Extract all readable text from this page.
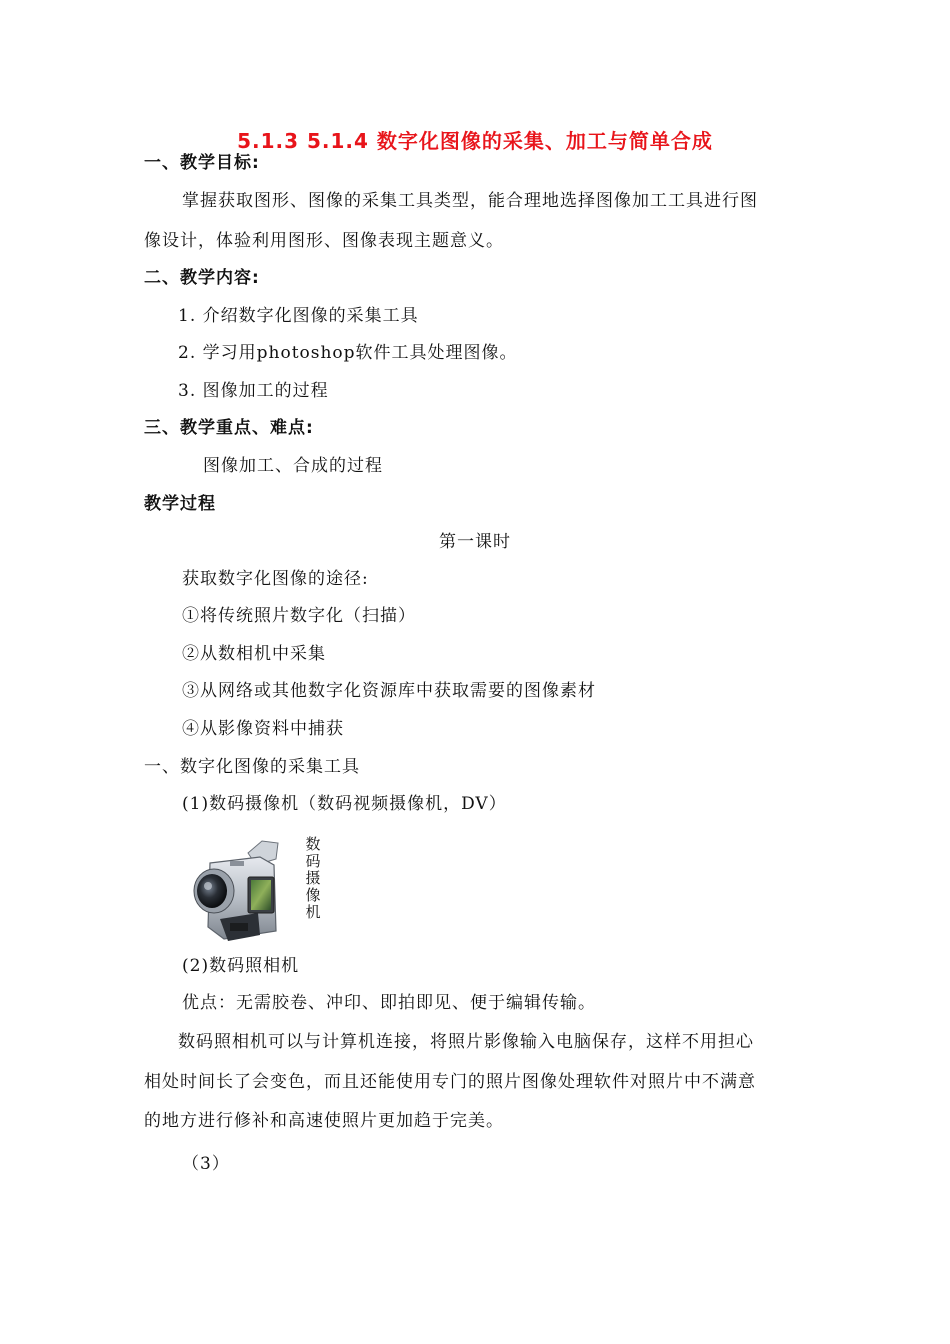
5.1.3 5.1.4 数字化图像的采集、加工与简单合成
一、教学目标:
掌握获取图形、图像的采集工具类型，能合理地选择图像加工工具进行图
像设计，体验利用图形、图像表现主题意义。
二、教学内容:
1. 介绍数字化图像的采集工具
2. 学习用photoshop软件工具处理图像。
3. 图像加工的过程
三、教学重点、难点:
图像加工、合成的过程
教学过程
第一课时
获取数字化图像的途径:
①将传统照片数字化（扫描）
②从数相机中采集
③从网络或其他数字化资源库中获取需要的图像素材
④从影像资料中捕获
一、数字化图像的采集工具
(1)数码摄像机（数码视频摄像机，DV）
数
码
摄
像
机
(2)数码照相机
优点：无需胶卷、冲印、即拍即见、便于编辑传输。
数码照相机可以与计算机连接，将照片影像输入电脑保存，这样不用担心
相处时间长了会变色，而且还能使用专门的照片图像处理软件对照片中不满意
的地方进行修补和高速使照片更加趋于完美。
（3）
